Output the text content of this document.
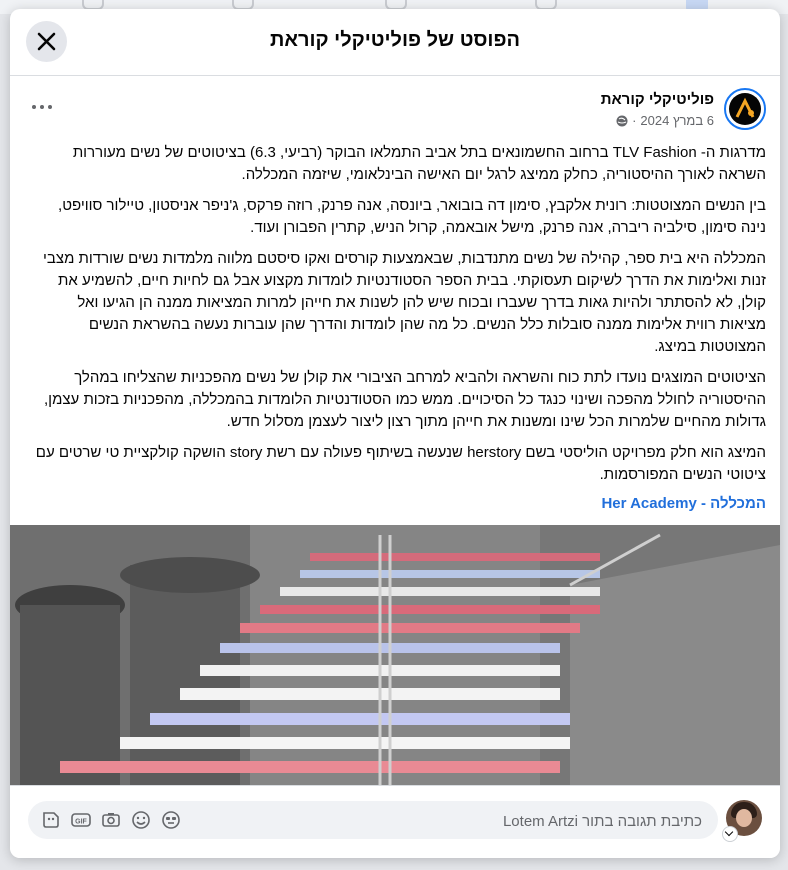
הפוסט של פוליטיקלי קוראת
פוליטיקלי קוראת
6 במרץ 2024
·

מדרגות ה- TLV Fashion ברחוב החשמונאים בתל אביב התמלאו הבוקר (רביעי, 6.3) בציטוטים של נשים מעוררות השראה לאורך ההיסטוריה, כחלק ממיצג לרגל יום האישה הבינלאומי, שיזמה המכללה.

בין הנשים המצוטטות: רונית אלקבץ, סימון דה בובואר, ביונסה, אנה פרנק, רוזה פרקס, ג'ניפר אניסטון, טיילור סוויפט, נינה סימון, סילביה ריברה, אנה פרנק, מישל אובאמה, קרול הניש, קתרין הפבורן ועוד.

המכללה היא בית ספר, קהילה של נשים מתנדבות, שבאמצעות קורסים ואקו סיסטם מלווה מלמדות נשים שורדות מצבי זנות ואלימות את הדרך לשיקום תעסוקתי. בבית הספר הסטודנטיות לומדות מקצוע אבל גם לחיות חיים, להשמיע את קולן, לא להסתתר ולהיות גאות בדרך שעברו ובכוח שיש להן לשנות את חייהן למרות המציאות ממנה הן הגיעו ואל מציאות רווית אלימות ממנה סובלות כלל הנשים. כל מה שהן לומדות והדרך שהן עוברות נעשה בהשראת הנשים המצוטטות במיצג.

הציטוטים המוצגים נועדו לתת כוח והשראה ולהביא למרחב הציבורי את קולן של נשים מהפכניות שהצליחו במהלך ההיסטוריה לחולל מהפכה ושינוי כנגד כל הסיכויים. ממש כמו הסטודנטיות הלומדות בהמכללה, מהפכניות בזכות עצמן, גדולות מהחיים שלמרות הכל שינו ומשנות את חייהן מתוך רצון ליצור לעצמן מסלול חדש.

המיצג הוא חלק מפרויקט הוליסטי בשם herstory שנעשה בשיתוף פעולה עם רשת story הושקה קולקציית טי שרטים עם ציטוטי הנשים המפורסמות.

המכללה - Her Academy

כתיבת תגובה בתור Lotem Artzi
GIF
